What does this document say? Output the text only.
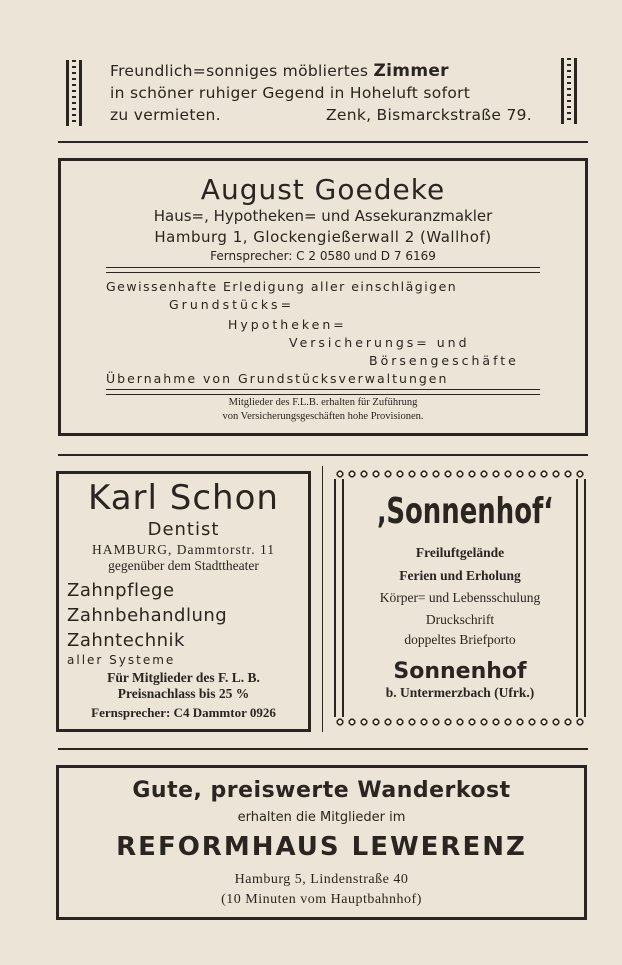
Freundlich=sonniges möbliertes Zimmer
in schöner ruhiger Gegend in Hoheluft sofort
zu vermieten.	Zenk, Bismarckstraße 79.
August Goedeke
Haus=, Hypotheken= und Assekuranzmakler
Hamburg 1, Glockengießerwall 2 (Wallhof)
Fernsprecher: C 2 0580 und D 7 6169
Gewissenhafte Erledigung aller einschlägigen
Grundstücks=
Hypotheken=
Versicherungs= und
Börsengeschäfte
Übernahme von Grundstücksverwaltungen
Mitglieder des F.L.B. erhalten für Zuführung
von Versicherungsgeschäften hohe Provisionen.
Karl Schon
Dentist
HAMBURG, Dammtorstr. 11
gegenüber dem Stadttheater
Zahnpflege
Zahnbehandlung
Zahntechnik
aller Systeme
Für Mitglieder des F. L. B.
Preisnachlass bis 25 %
Fernsprecher: C4 Dammtor 0926
‚Sonnenhof‘
Freiluftgelände
Ferien und Erholung
Körper= und Lebensschulung
Druckschrift
doppeltes Briefporto
Sonnenhof
b. Untermerzbach (Ufrk.)
Gute, preiswerte Wanderkost
erhalten die Mitglieder im
REFORMHAUS LEWERENZ
Hamburg 5, Lindenstraße 40
(10 Minuten vom Hauptbahnhof)
